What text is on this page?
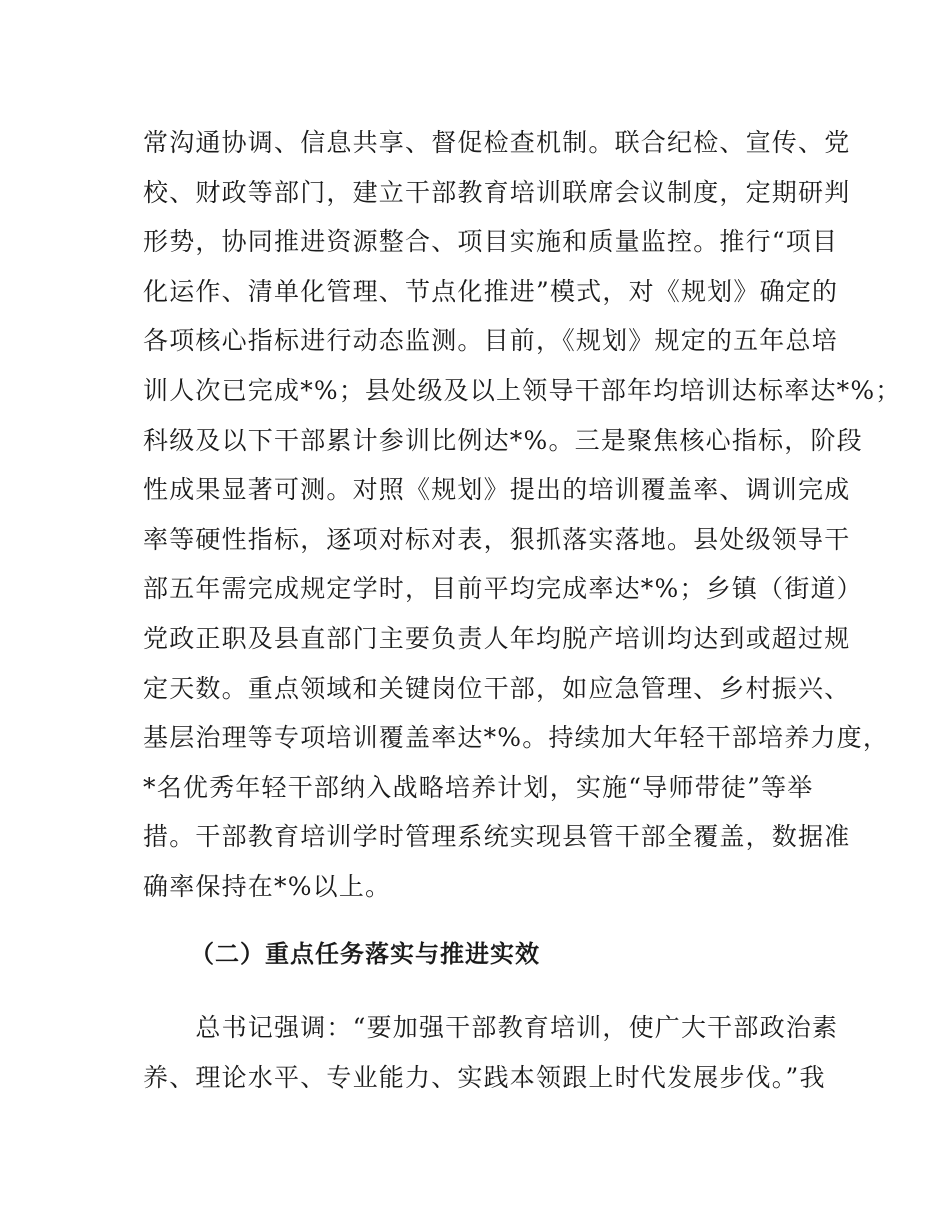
常沟通协调、信息共享、督促检查机制。联合纪检、宣传、党
校、财政等部门，建立干部教育培训联席会议制度，定期研判
形势，协同推进资源整合、项目实施和质量监控。推行“项目
化运作、清单化管理、节点化推进”模式，对《规划》确定的
各项核心指标进行动态监测。目前，《规划》规定的五年总培
训人次已完成*%；县处级及以上领导干部年均培训达标率达*%；
科级及以下干部累计参训比例达*%。三是聚焦核心指标，阶段
性成果显著可测。对照《规划》提出的培训覆盖率、调训完成
率等硬性指标，逐项对标对表，狠抓落实落地。县处级领导干
部五年需完成规定学时，目前平均完成率达*%；乡镇（街道）
党政正职及县直部门主要负责人年均脱产培训均达到或超过规
定天数。重点领域和关键岗位干部，如应急管理、乡村振兴、
基层治理等专项培训覆盖率达*%。持续加大年轻干部培养力度，
*名优秀年轻干部纳入战略培养计划，实施“导师带徒”等举
措。干部教育培训学时管理系统实现县管干部全覆盖，数据准
确率保持在*%以上。
（二）重点任务落实与推进实效
　　总书记强调：“要加强干部教育培训，使广大干部政治素
养、理论水平、专业能力、实践本领跟上时代发展步伐。”我
